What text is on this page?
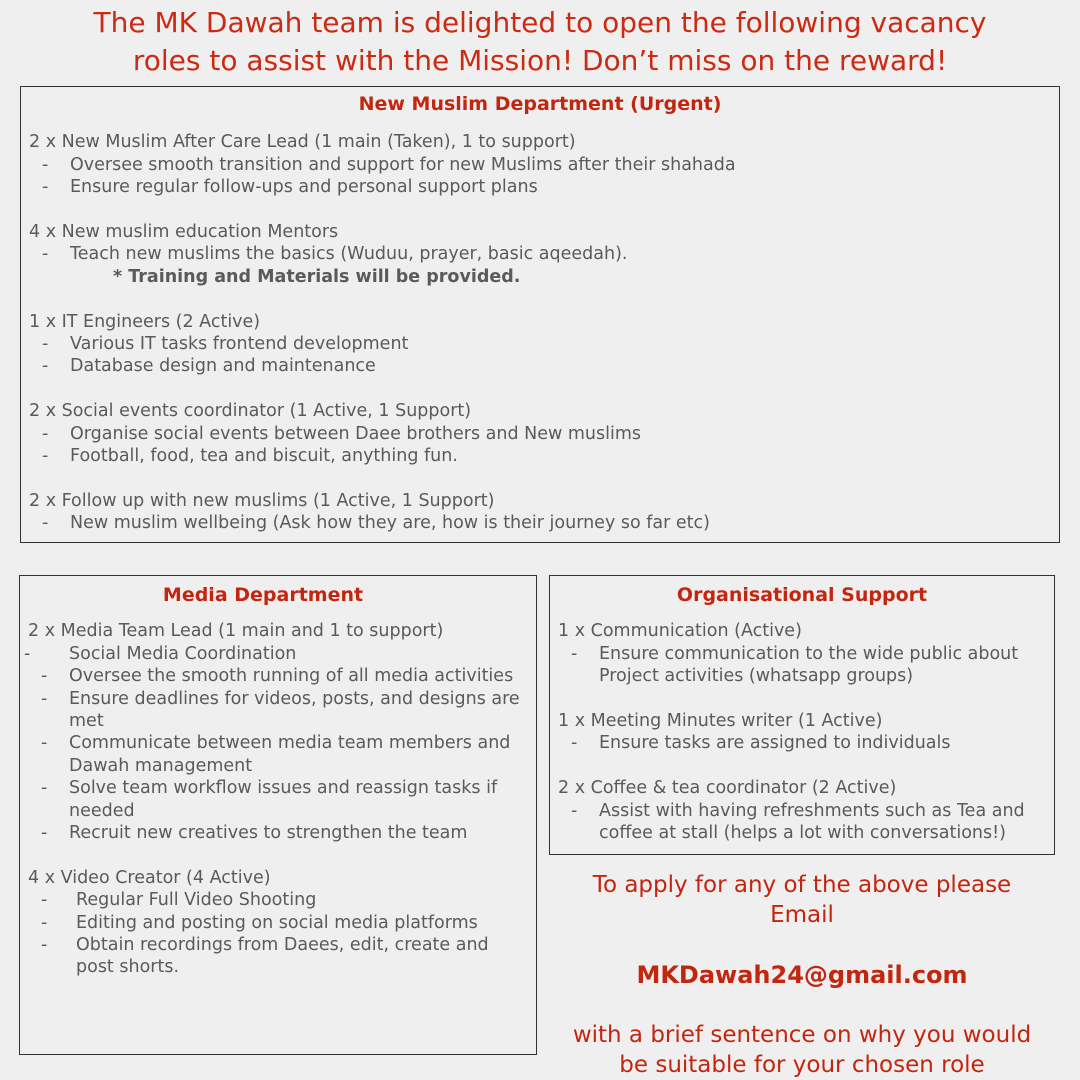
The MK Dawah team is delighted to open the following vacancy
roles to assist with the Mission! Don’t miss on the reward!
New Muslim Department (Urgent)
2 x New Muslim After Care Lead (1 main (Taken), 1 to support)
- Oversee smooth transition and support for new Muslims after their shahada
- Ensure regular follow-ups and personal support plans
4 x New muslim education Mentors
- Teach new muslims the basics (Wuduu, prayer, basic aqeedah).
* Training and Materials will be provided.
1 x IT Engineers (2 Active)
- Various IT tasks frontend development
- Database design and maintenance
2 x Social events coordinator (1 Active, 1 Support)
- Organise social events between Daee brothers and New muslims
- Football, food, tea and biscuit, anything fun.
2 x Follow up with new muslims (1 Active, 1 Support)
- New muslim wellbeing (Ask how they are, how is their journey so far etc)
Media Department
2 x Media Team Lead (1 main and 1 to support)
- Social Media Coordination
- Oversee the smooth running of all media activities
- Ensure deadlines for videos, posts, and designs are met
- Communicate between media team members and Dawah management
- Solve team workflow issues and reassign tasks if needed
- Recruit new creatives to strengthen the team
4 x Video Creator (4 Active)
- Regular Full Video Shooting
- Editing and posting on social media platforms
- Obtain recordings from Daees, edit, create and post shorts.
Organisational Support
1 x Communication (Active)
- Ensure communication to the wide public about Project activities (whatsapp groups)
1 x Meeting Minutes writer (1 Active)
- Ensure tasks are assigned to individuals
2 x Coffee & tea coordinator (2 Active)
- Assist with having refreshments such as Tea and coffee at stall (helps a lot with conversations!)
To apply for any of the above please
Email
MKDawah24@gmail.com
with a brief sentence on why you would
be suitable for your chosen role
